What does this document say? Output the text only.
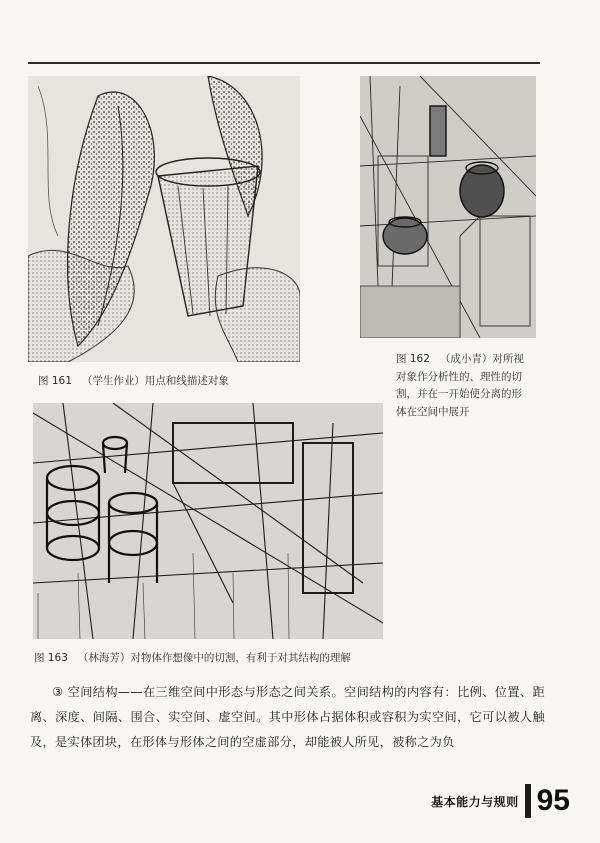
图 161 （学生作业）用点和线描述对象
图 162 （成小青）对所视对象作分析性的、理性的切割，并在一开始使分离的形体在空间中展开
图 163 （林海芳）对物体作想像中的切割，有利于对其结构的理解

③ 空间结构——在三维空间中形态与形态之间关系。空间结构的内容有：比例、位置、距离、深度、间隔、围合、实空间、虚空间。其中形体占据体积或容积为实空间，它可以被人触及，是实体团块，在形体与形体之间的空虚部分，却能被人所见，被称之为负

基本能力与规则 95
